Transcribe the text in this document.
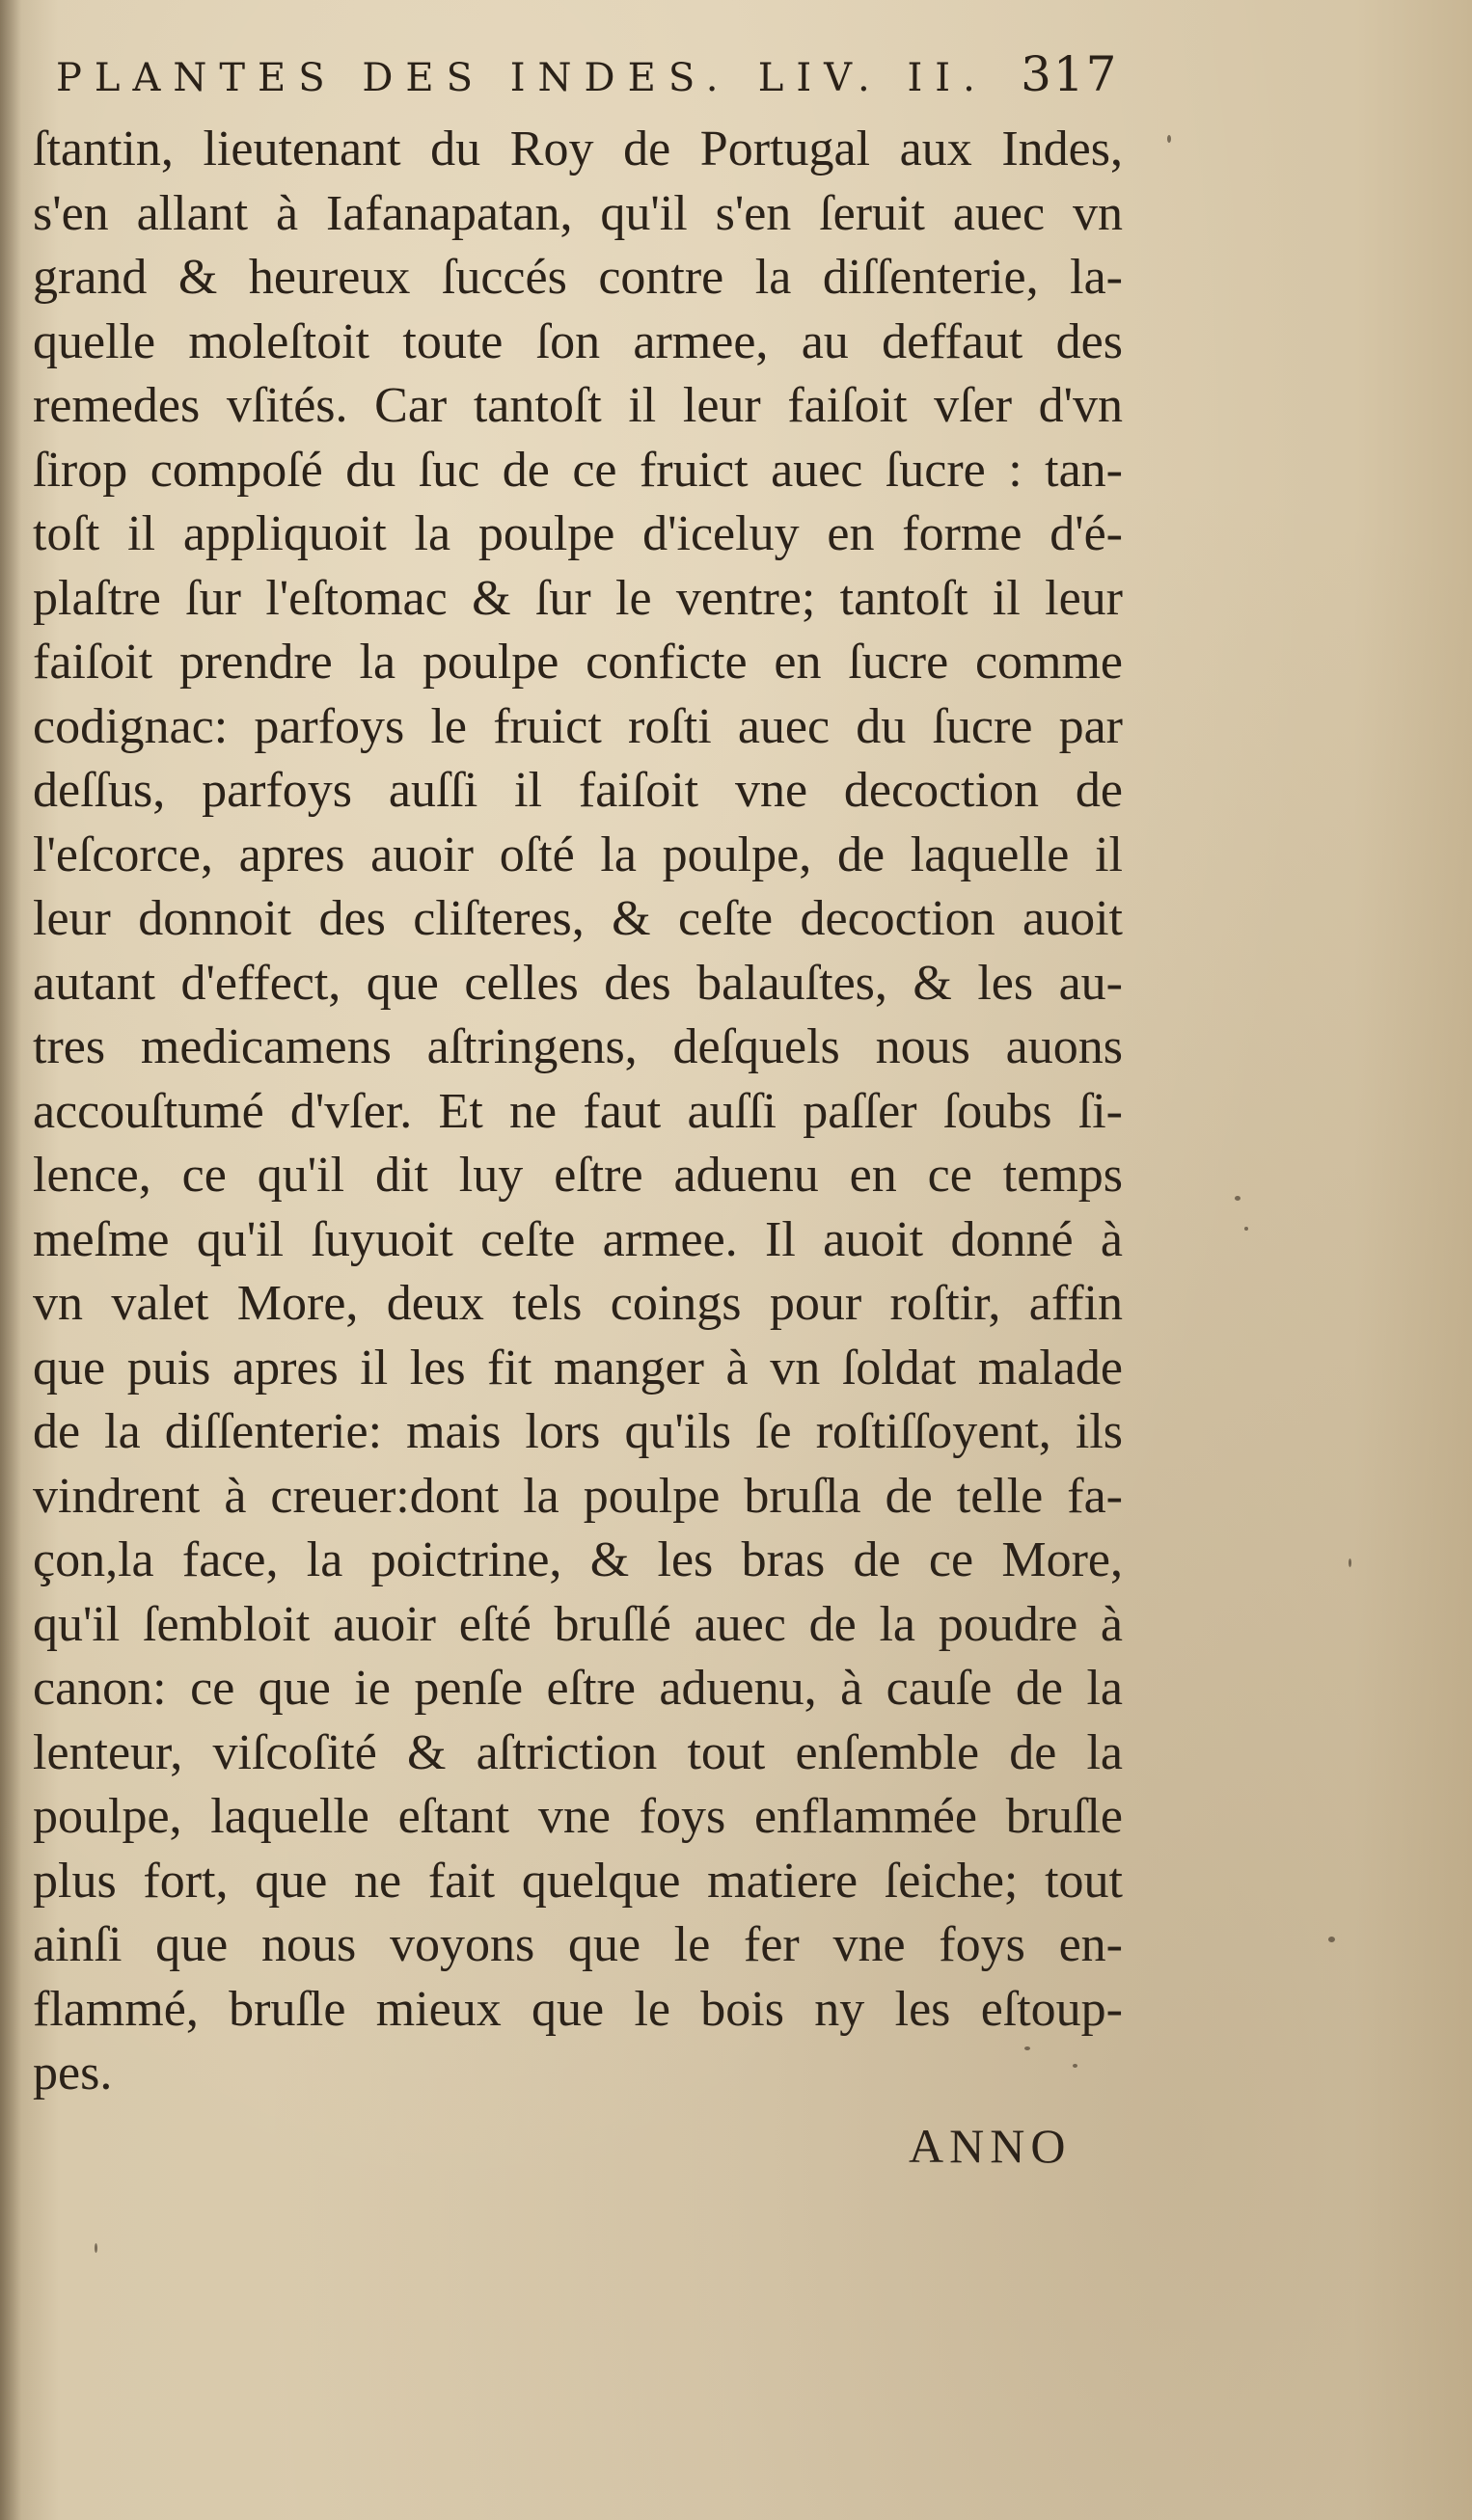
PLANTES DES INDES. LIV. II. 317
ſtantin, lieutenant du Roy de Portugal aux Indes,
s'en allant à Iafanapatan, qu'il s'en ſeruit auec vn
grand & heureux ſuccés contre la diſſenterie, la-
quelle moleſtoit toute ſon armee, au deffaut des
remedes vſités. Car tantoſt il leur faiſoit vſer d'vn
ſirop compoſé du ſuc de ce fruict auec ſucre : tan-
toſt il appliquoit la poulpe d'iceluy en forme d'é-
plaſtre ſur l'eſtomac & ſur le ventre; tantoſt il leur
faiſoit prendre la poulpe conficte en ſucre comme
codignac: parfoys le fruict roſti auec du ſucre par
deſſus, parfoys auſſi il faiſoit vne decoction de
l'eſcorce, apres auoir oſté la poulpe, de laquelle il
leur donnoit des cliſteres, & ceſte decoction auoit
autant d'effect, que celles des balauſtes, & les au-
tres medicamens aſtringens, deſquels nous auons
accouſtumé d'vſer. Et ne faut auſſi paſſer ſoubs ſi-
lence, ce qu'il dit luy eſtre aduenu en ce temps
meſme qu'il ſuyuoit ceſte armee. Il auoit donné à
vn valet More, deux tels coings pour roſtir, affin
que puis apres il les fit manger à vn ſoldat malade
de la diſſenterie: mais lors qu'ils ſe roſtiſſoyent, ils
vindrent à creuer:dont la poulpe bruſla de telle fa-
çon,la face, la poictrine, & les bras de ce More,
qu'il ſembloit auoir eſté bruſlé auec de la poudre à
canon: ce que ie penſe eſtre aduenu, à cauſe de la
lenteur, viſcoſité & aſtriction tout enſemble de la
poulpe, laquelle eſtant vne foys enflammée bruſle
plus fort, que ne fait quelque matiere ſeiche; tout
ainſi que nous voyons que le fer vne foys en-
flammé, bruſle mieux que le bois ny les eſtoup-
pes.
ANNO
